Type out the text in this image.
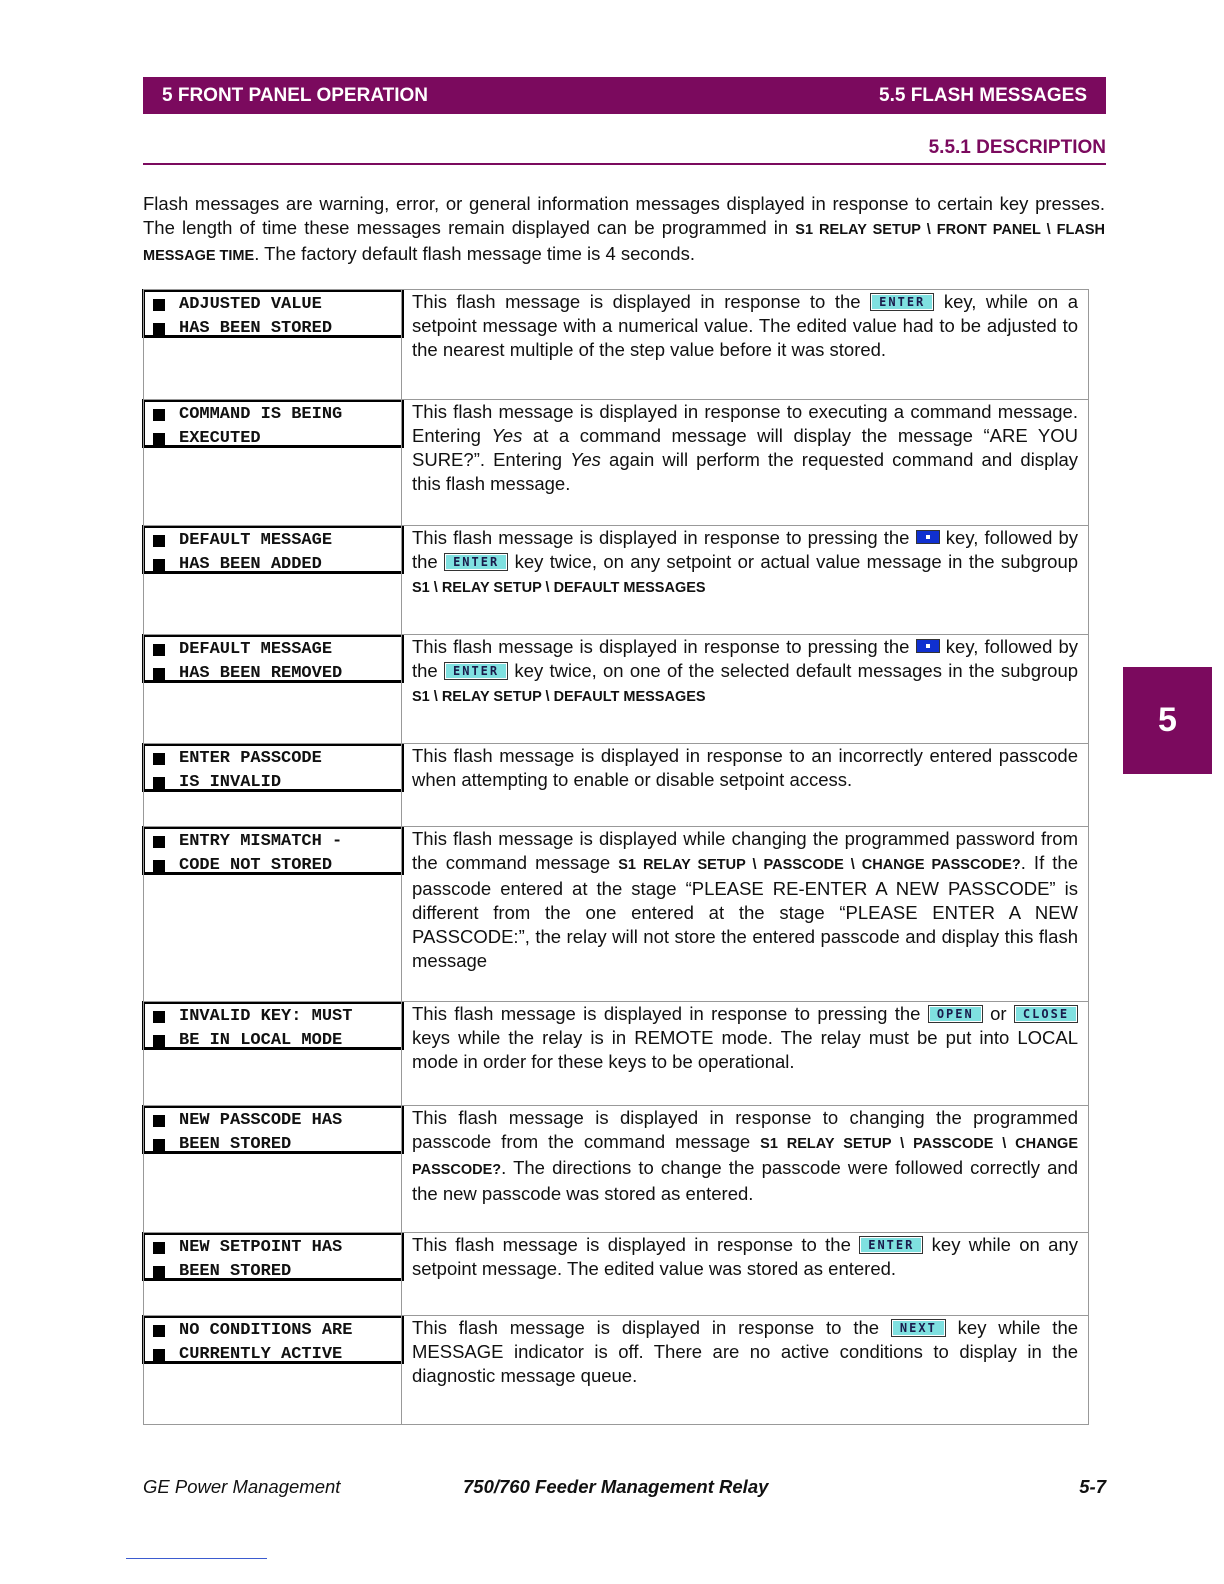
5 FRONT PANEL OPERATION	5.5 FLASH MESSAGES
5.5.1 DESCRIPTION
Flash messages are warning, error, or general information messages displayed in response to certain key presses. The length of time these messages remain displayed can be programmed in S1 RELAY SETUP \ FRONT PANEL \ FLASH MESSAGE TIME. The factory default flash message time is 4 seconds.
ADJUSTED VALUE
HAS BEEN STORED	This flash message is displayed in response to the ENTER key, while on a setpoint message with a numerical value. The edited value had to be adjusted to the nearest multiple of the step value before it was stored.

COMMAND IS BEING
EXECUTED	This flash message is displayed in response to executing a command message. Entering Yes at a command message will display the message “ARE YOU SURE?”. Entering Yes again will perform the requested command and display this flash message.

DEFAULT MESSAGE
HAS BEEN ADDED	This flash message is displayed in response to pressing the key, followed by the ENTER key twice, on any setpoint or actual value message in the subgroup S1 \ RELAY SETUP \ DEFAULT MESSAGES

DEFAULT MESSAGE
HAS BEEN REMOVED	This flash message is displayed in response to pressing the key, followed by the ENTER key twice, on one of the selected default messages in the subgroup S1 \ RELAY SETUP \ DEFAULT MESSAGES

ENTER PASSCODE
IS INVALID	This flash message is displayed in response to an incorrectly entered passcode when attempting to enable or disable setpoint access.

ENTRY MISMATCH -
CODE NOT STORED	This flash message is displayed while changing the programmed password from the command message S1 RELAY SETUP \ PASSCODE \ CHANGE PASSCODE?. If the passcode entered at the stage “PLEASE RE-ENTER A NEW PASSCODE” is different from the one entered at the stage “PLEASE ENTER A NEW PASSCODE:”, the relay will not store the entered passcode and display this flash message

INVALID KEY: MUST
BE IN LOCAL MODE	This flash message is displayed in response to pressing the OPEN or CLOSE keys while the relay is in REMOTE mode. The relay must be put into LOCAL mode in order for these keys to be operational.

NEW PASSCODE HAS
BEEN STORED	This flash message is displayed in response to changing the programmed passcode from the command message S1 RELAY SETUP \ PASSCODE \ CHANGE PASSCODE?. The directions to change the passcode were followed correctly and the new passcode was stored as entered.

NEW SETPOINT HAS
BEEN STORED	This flash message is displayed in response to the ENTER key while on any setpoint message. The edited value was stored as entered.

NO CONDITIONS ARE
CURRENTLY ACTIVE	This flash message is displayed in response to the NEXT key while the MESSAGE indicator is off. There are no active conditions to display in the diagnostic message queue.
5
GE Power Management	750/760 Feeder Management Relay	5-7
